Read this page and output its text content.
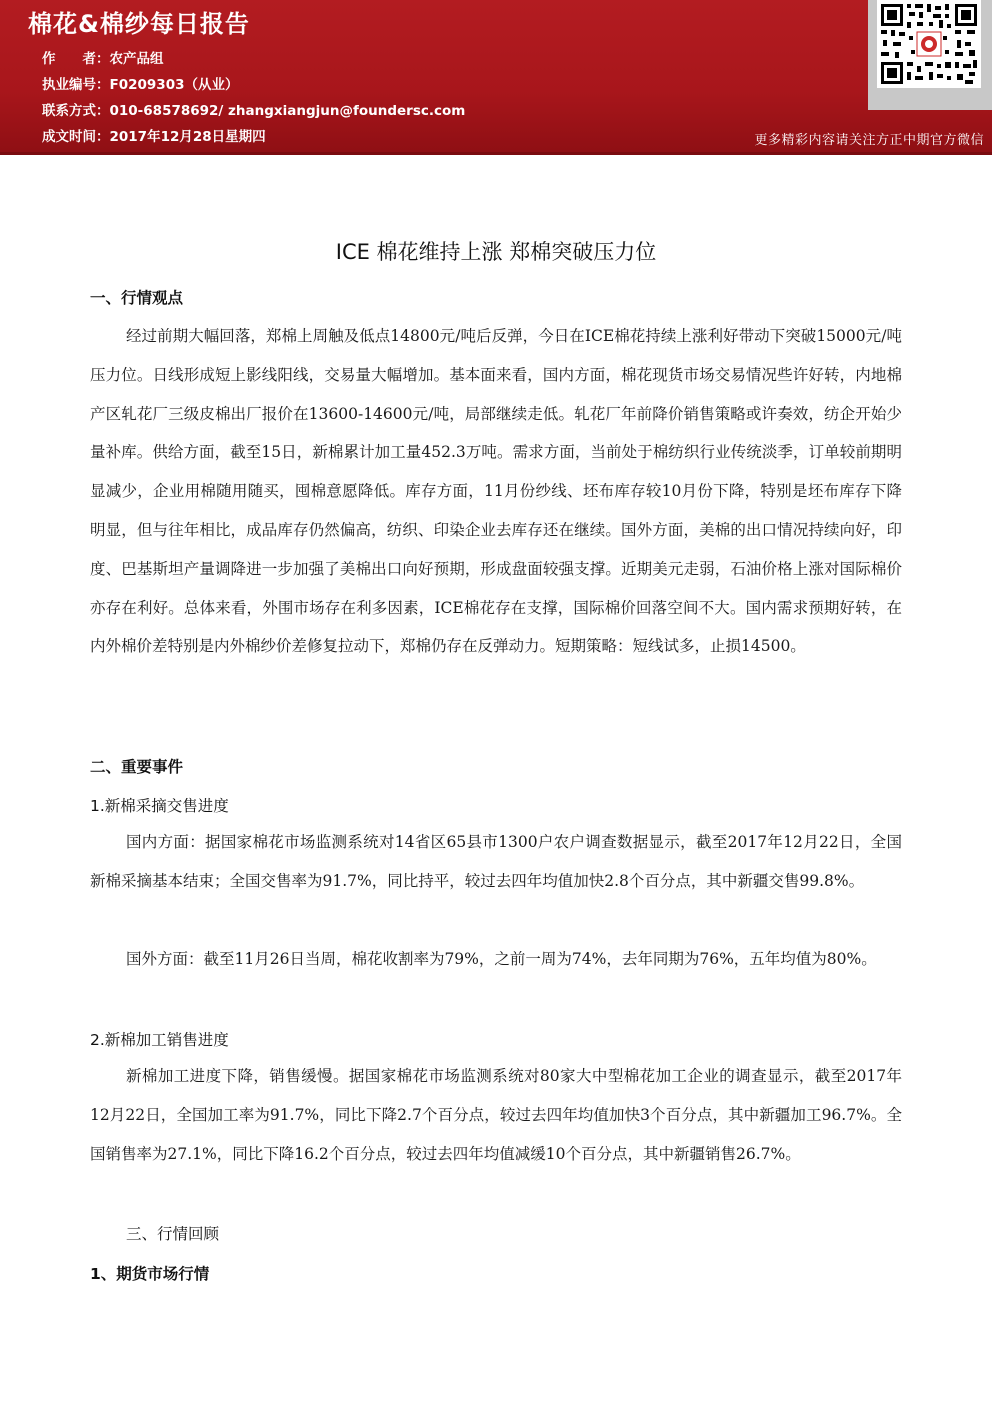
棉花&棉纱每日报告
作　　者：农产品组
执业编号：F0209303（从业）
联系方式：010-68578692/ zhangxiangjun@foundersc.com
成文时间：2017年12月28日星期四	更多精彩内容请关注方正中期官方微信
ICE 棉花维持上涨 郑棉突破压力位
一、行情观点
经过前期大幅回落，郑棉上周触及低点14800元/吨后反弹，今日在ICE棉花持续上涨利好带动下突破15000元/吨压力位。日线形成短上影线阳线，交易量大幅增加。基本面来看，国内方面，棉花现货市场交易情况些许好转，内地棉产区轧花厂三级皮棉出厂报价在13600-14600元/吨，局部继续走低。轧花厂年前降价销售策略或许奏效，纺企开始少量补库。供给方面，截至15日，新棉累计加工量452.3万吨。需求方面，当前处于棉纺织行业传统淡季，订单较前期明显减少，企业用棉随用随买，囤棉意愿降低。库存方面，11月份纱线、坯布库存较10月份下降，特别是坯布库存下降明显，但与往年相比，成品库存仍然偏高，纺织、印染企业去库存还在继续。国外方面，美棉的出口情况持续向好，印度、巴基斯坦产量调降进一步加强了美棉出口向好预期，形成盘面较强支撑。近期美元走弱，石油价格上涨对国际棉价亦存在利好。总体来看，外围市场存在利多因素，ICE棉花存在支撑，国际棉价回落空间不大。国内需求预期好转，在内外棉价差特别是内外棉纱价差修复拉动下，郑棉仍存在反弹动力。短期策略：短线试多，止损14500。
二、重要事件
1.新棉采摘交售进度
国内方面：据国家棉花市场监测系统对14省区65县市1300户农户调查数据显示，截至2017年12月22日，全国新棉采摘基本结束；全国交售率为91.7%，同比持平，较过去四年均值加快2.8个百分点，其中新疆交售99.8%。
国外方面：截至11月26日当周，棉花收割率为79%，之前一周为74%，去年同期为76%，五年均值为80%。
2.新棉加工销售进度
新棉加工进度下降，销售缓慢。据国家棉花市场监测系统对80家大中型棉花加工企业的调查显示，截至2017年12月22日，全国加工率为91.7%，同比下降2.7个百分点，较过去四年均值加快3个百分点，其中新疆加工96.7%。全国销售率为27.1%，同比下降16.2个百分点，较过去四年均值减缓10个百分点，其中新疆销售26.7%。
三、行情回顾
1、期货市场行情
